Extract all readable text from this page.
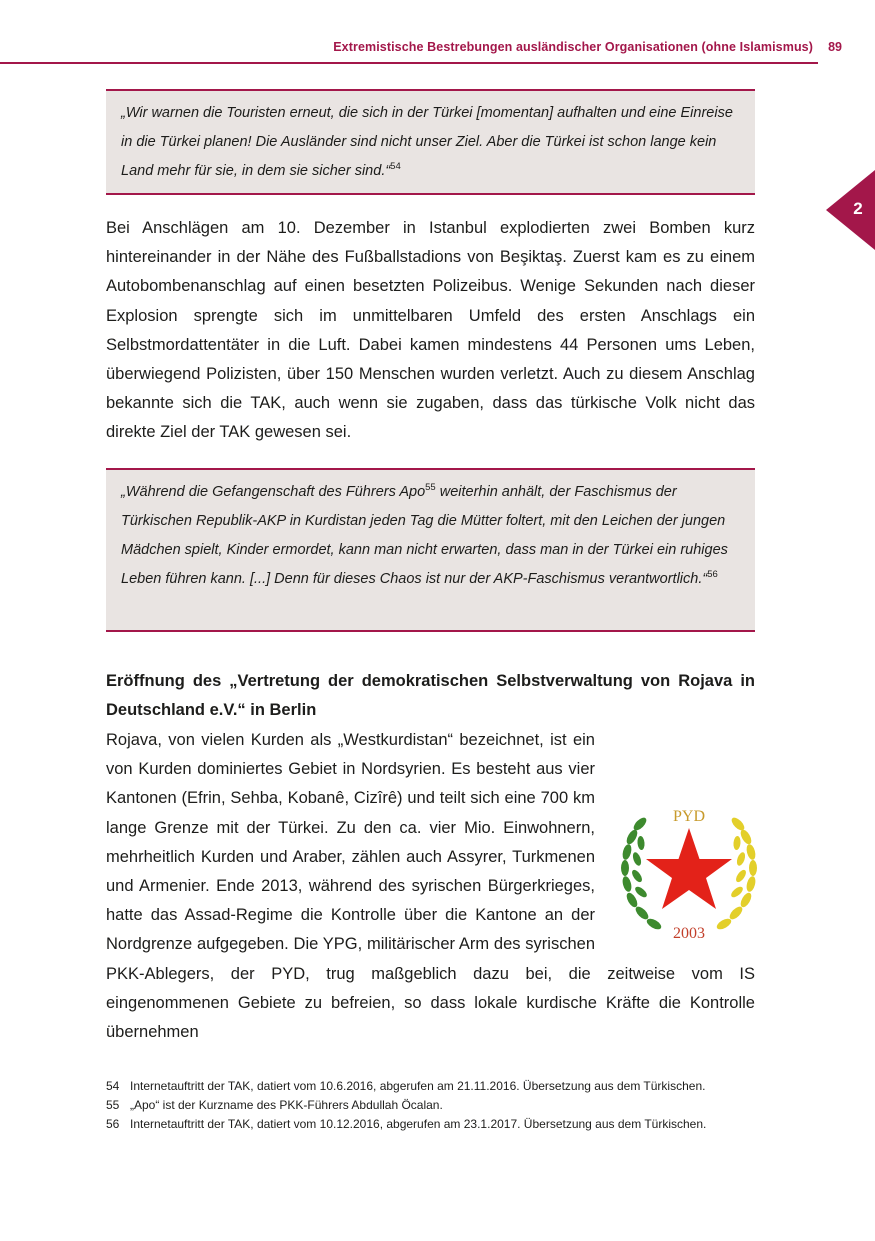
Extremistische Bestrebungen ausländischer Organisationen (ohne Islamismus) 89
2
„Wir warnen die Touristen erneut, die sich in der Türkei [momentan] aufhalten und eine Einreise in die Türkei planen! Die Ausländer sind nicht unser Ziel. Aber die Türkei ist schon lange kein Land mehr für sie, in dem sie sicher sind.“$^{54}$
Bei Anschlägen am 10. Dezember in Istanbul explodierten zwei Bomben kurz hintereinander in der Nähe des Fußballstadions von Beşiktaş. Zuerst kam es zu einem Autobombenanschlag auf einen besetzten Polizeibus. Wenige Sekunden nach dieser Explosion sprengte sich im unmittelbaren Umfeld des ersten Anschlags ein Selbstmordattentäter in die Luft. Dabei kamen mindestens 44 Personen ums Leben, überwiegend Polizisten, über 150 Menschen wurden verletzt. Auch zu diesem Anschlag bekannte sich die TAK, auch wenn sie zugaben, dass das türkische Volk nicht das direkte Ziel der TAK gewesen sei.
„Während die Gefangenschaft des Führers Apo$^{55}$ weiterhin anhält, der Faschismus der Türkischen Republik-AKP in Kurdistan jeden Tag die Mütter foltert, mit den Leichen der jungen Mädchen spielt, Kinder ermordet, kann man nicht erwarten, dass man in der Türkei ein ruhiges Leben führen kann. [...] Denn für dieses Chaos ist nur der AKP-Faschismus verantwortlich.“$^{56}$
Eröffnung des „Vertretung der demokratischen Selbstverwaltung von Rojava in Deutschland e.V.“ in Berlin
Rojava, von vielen Kurden als „Westkurdistan“ bezeichnet, ist ein von Kurden dominiertes Gebiet in Nordsyrien. Es besteht aus vier Kantonen (Efrin, Sehba, Kobanê, Cizîrê) und teilt sich eine 700 km lange Grenze mit der Türkei. Zu den ca. vier Mio. Einwohnern, mehrheitlich Kurden und Araber, zählen auch Assyrer, Turkmenen und Armenier. Ende 2013, während des syrischen Bürgerkrieges, hatte das Assad-Regime die Kontrolle über die Kantone an der Nordgrenze aufgegeben. Die YPG, militärischer Arm des syrischen PKK-Ablegers, der PYD, trug maßgeblich dazu bei, die zeitweise vom IS eingenommenen Gebiete zu befreien, so dass lokale kurdische Kräfte die Kontrolle übernehmen
PYD
2003
54 Internetauftritt der TAK, datiert vom 10.6.2016, abgerufen am 21.11.2016. Übersetzung aus dem Türkischen.
55 „Apo“ ist der Kurzname des PKK-Führers Abdullah Öcalan.
56 Internetauftritt der TAK, datiert vom 10.12.2016, abgerufen am 23.1.2017. Übersetzung aus dem Türkischen.
